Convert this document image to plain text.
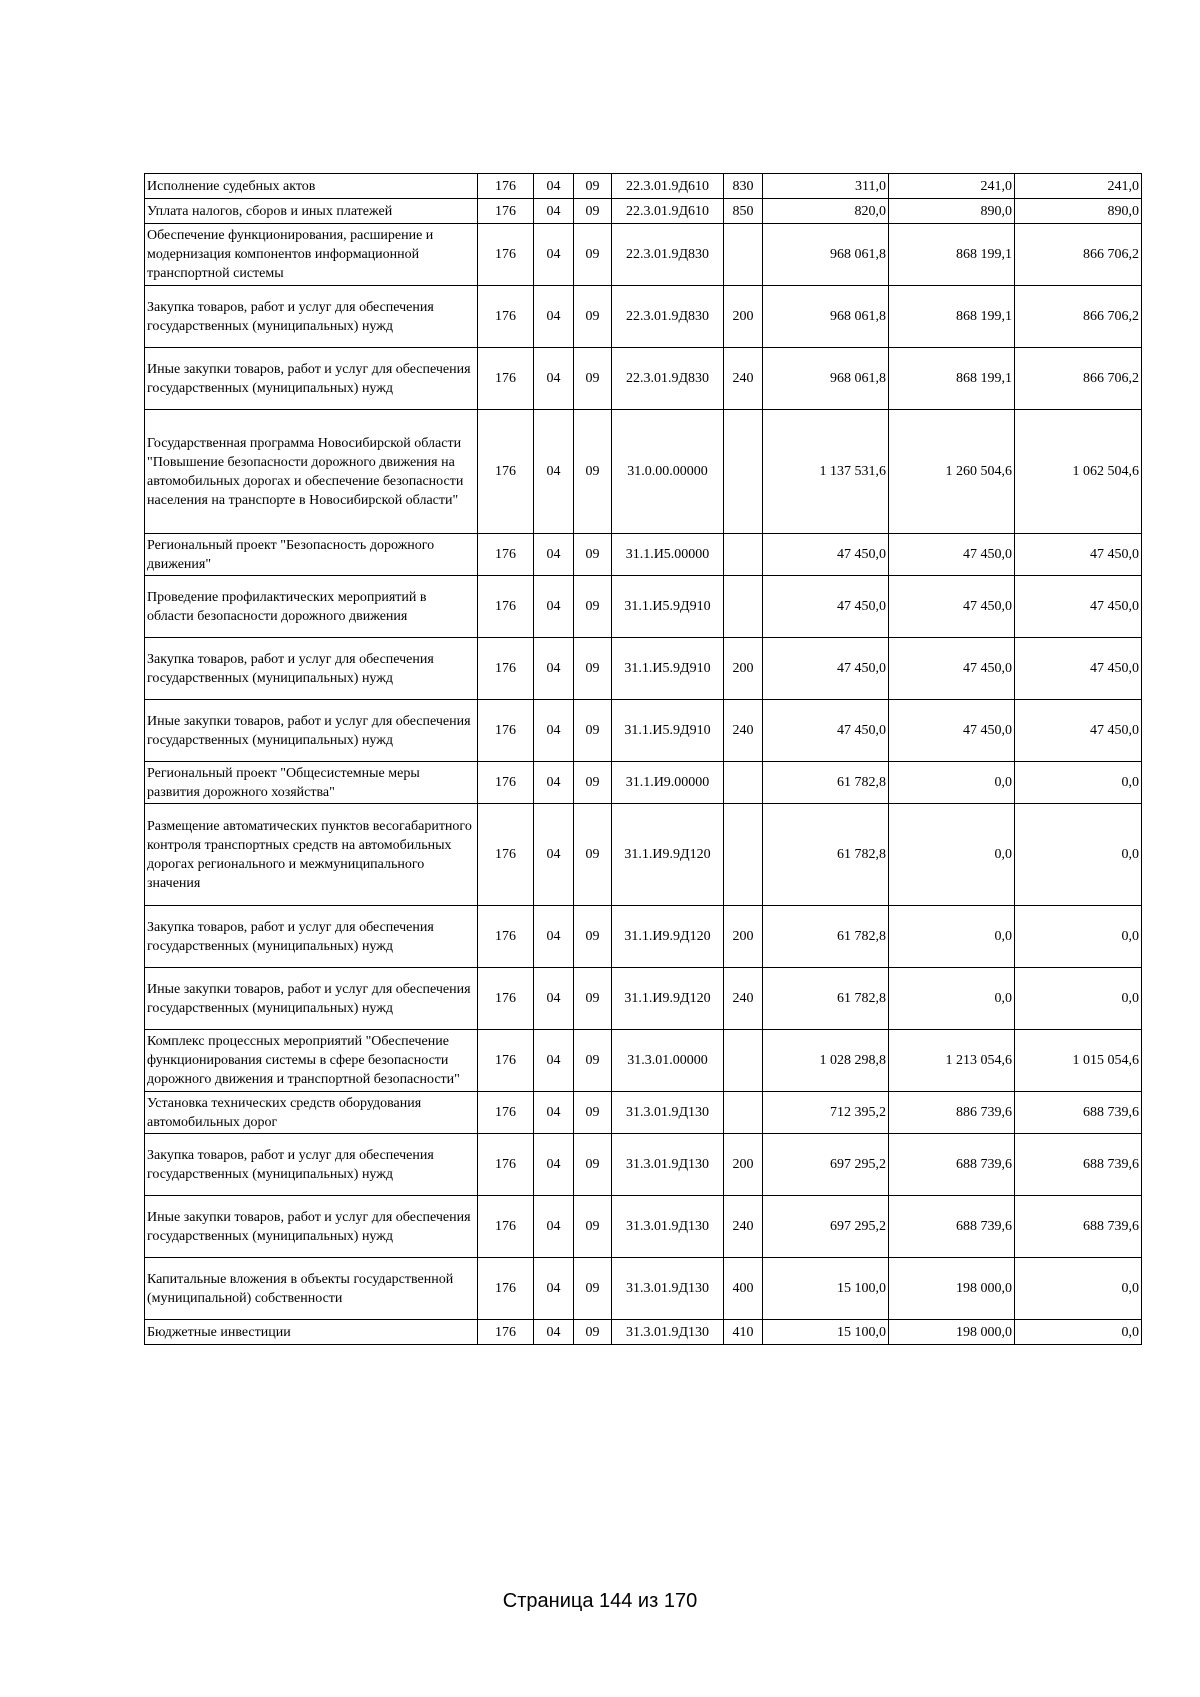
Исполнение судебных актов	176	04	09	22.3.01.9Д610	830	311,0	241,0	241,0
Уплата налогов, сборов и иных платежей	176	04	09	22.3.01.9Д610	850	820,0	890,0	890,0
Обеспечение функционирования, расширение и модернизация компонентов информационной транспортной системы	176	04	09	22.3.01.9Д830		968 061,8	868 199,1	866 706,2
Закупка товаров, работ и услуг для обеспечения государственных (муниципальных) нужд	176	04	09	22.3.01.9Д830	200	968 061,8	868 199,1	866 706,2
Иные закупки товаров, работ и услуг для обеспечения государственных (муниципальных) нужд	176	04	09	22.3.01.9Д830	240	968 061,8	868 199,1	866 706,2
Государственная программа Новосибирской области "Повышение безопасности дорожного движения на автомобильных дорогах и обеспечение безопасности населения на транспорте в Новосибирской области"	176	04	09	31.0.00.00000		1 137 531,6	1 260 504,6	1 062 504,6
Региональный проект "Безопасность дорожного движения"	176	04	09	31.1.И5.00000		47 450,0	47 450,0	47 450,0
Проведение профилактических мероприятий в области безопасности дорожного движения	176	04	09	31.1.И5.9Д910		47 450,0	47 450,0	47 450,0
Закупка товаров, работ и услуг для обеспечения государственных (муниципальных) нужд	176	04	09	31.1.И5.9Д910	200	47 450,0	47 450,0	47 450,0
Иные закупки товаров, работ и услуг для обеспечения государственных (муниципальных) нужд	176	04	09	31.1.И5.9Д910	240	47 450,0	47 450,0	47 450,0
Региональный проект "Общесистемные меры развития дорожного хозяйства"	176	04	09	31.1.И9.00000		61 782,8	0,0	0,0
Размещение автоматических пунктов весогабаритного контроля транспортных средств на автомобильных дорогах регионального и межмуниципального значения	176	04	09	31.1.И9.9Д120		61 782,8	0,0	0,0
Закупка товаров, работ и услуг для обеспечения государственных (муниципальных) нужд	176	04	09	31.1.И9.9Д120	200	61 782,8	0,0	0,0
Иные закупки товаров, работ и услуг для обеспечения государственных (муниципальных) нужд	176	04	09	31.1.И9.9Д120	240	61 782,8	0,0	0,0
Комплекс процессных мероприятий "Обеспечение функционирования системы в сфере безопасности дорожного движения и транспортной безопасности"	176	04	09	31.3.01.00000		1 028 298,8	1 213 054,6	1 015 054,6
Установка технических средств оборудования автомобильных дорог	176	04	09	31.3.01.9Д130		712 395,2	886 739,6	688 739,6
Закупка товаров, работ и услуг для обеспечения государственных (муниципальных) нужд	176	04	09	31.3.01.9Д130	200	697 295,2	688 739,6	688 739,6
Иные закупки товаров, работ и услуг для обеспечения государственных (муниципальных) нужд	176	04	09	31.3.01.9Д130	240	697 295,2	688 739,6	688 739,6
Капитальные вложения в объекты государственной (муниципальной) собственности	176	04	09	31.3.01.9Д130	400	15 100,0	198 000,0	0,0
Бюджетные инвестиции	176	04	09	31.3.01.9Д130	410	15 100,0	198 000,0	0,0
Страница 144 из 170
